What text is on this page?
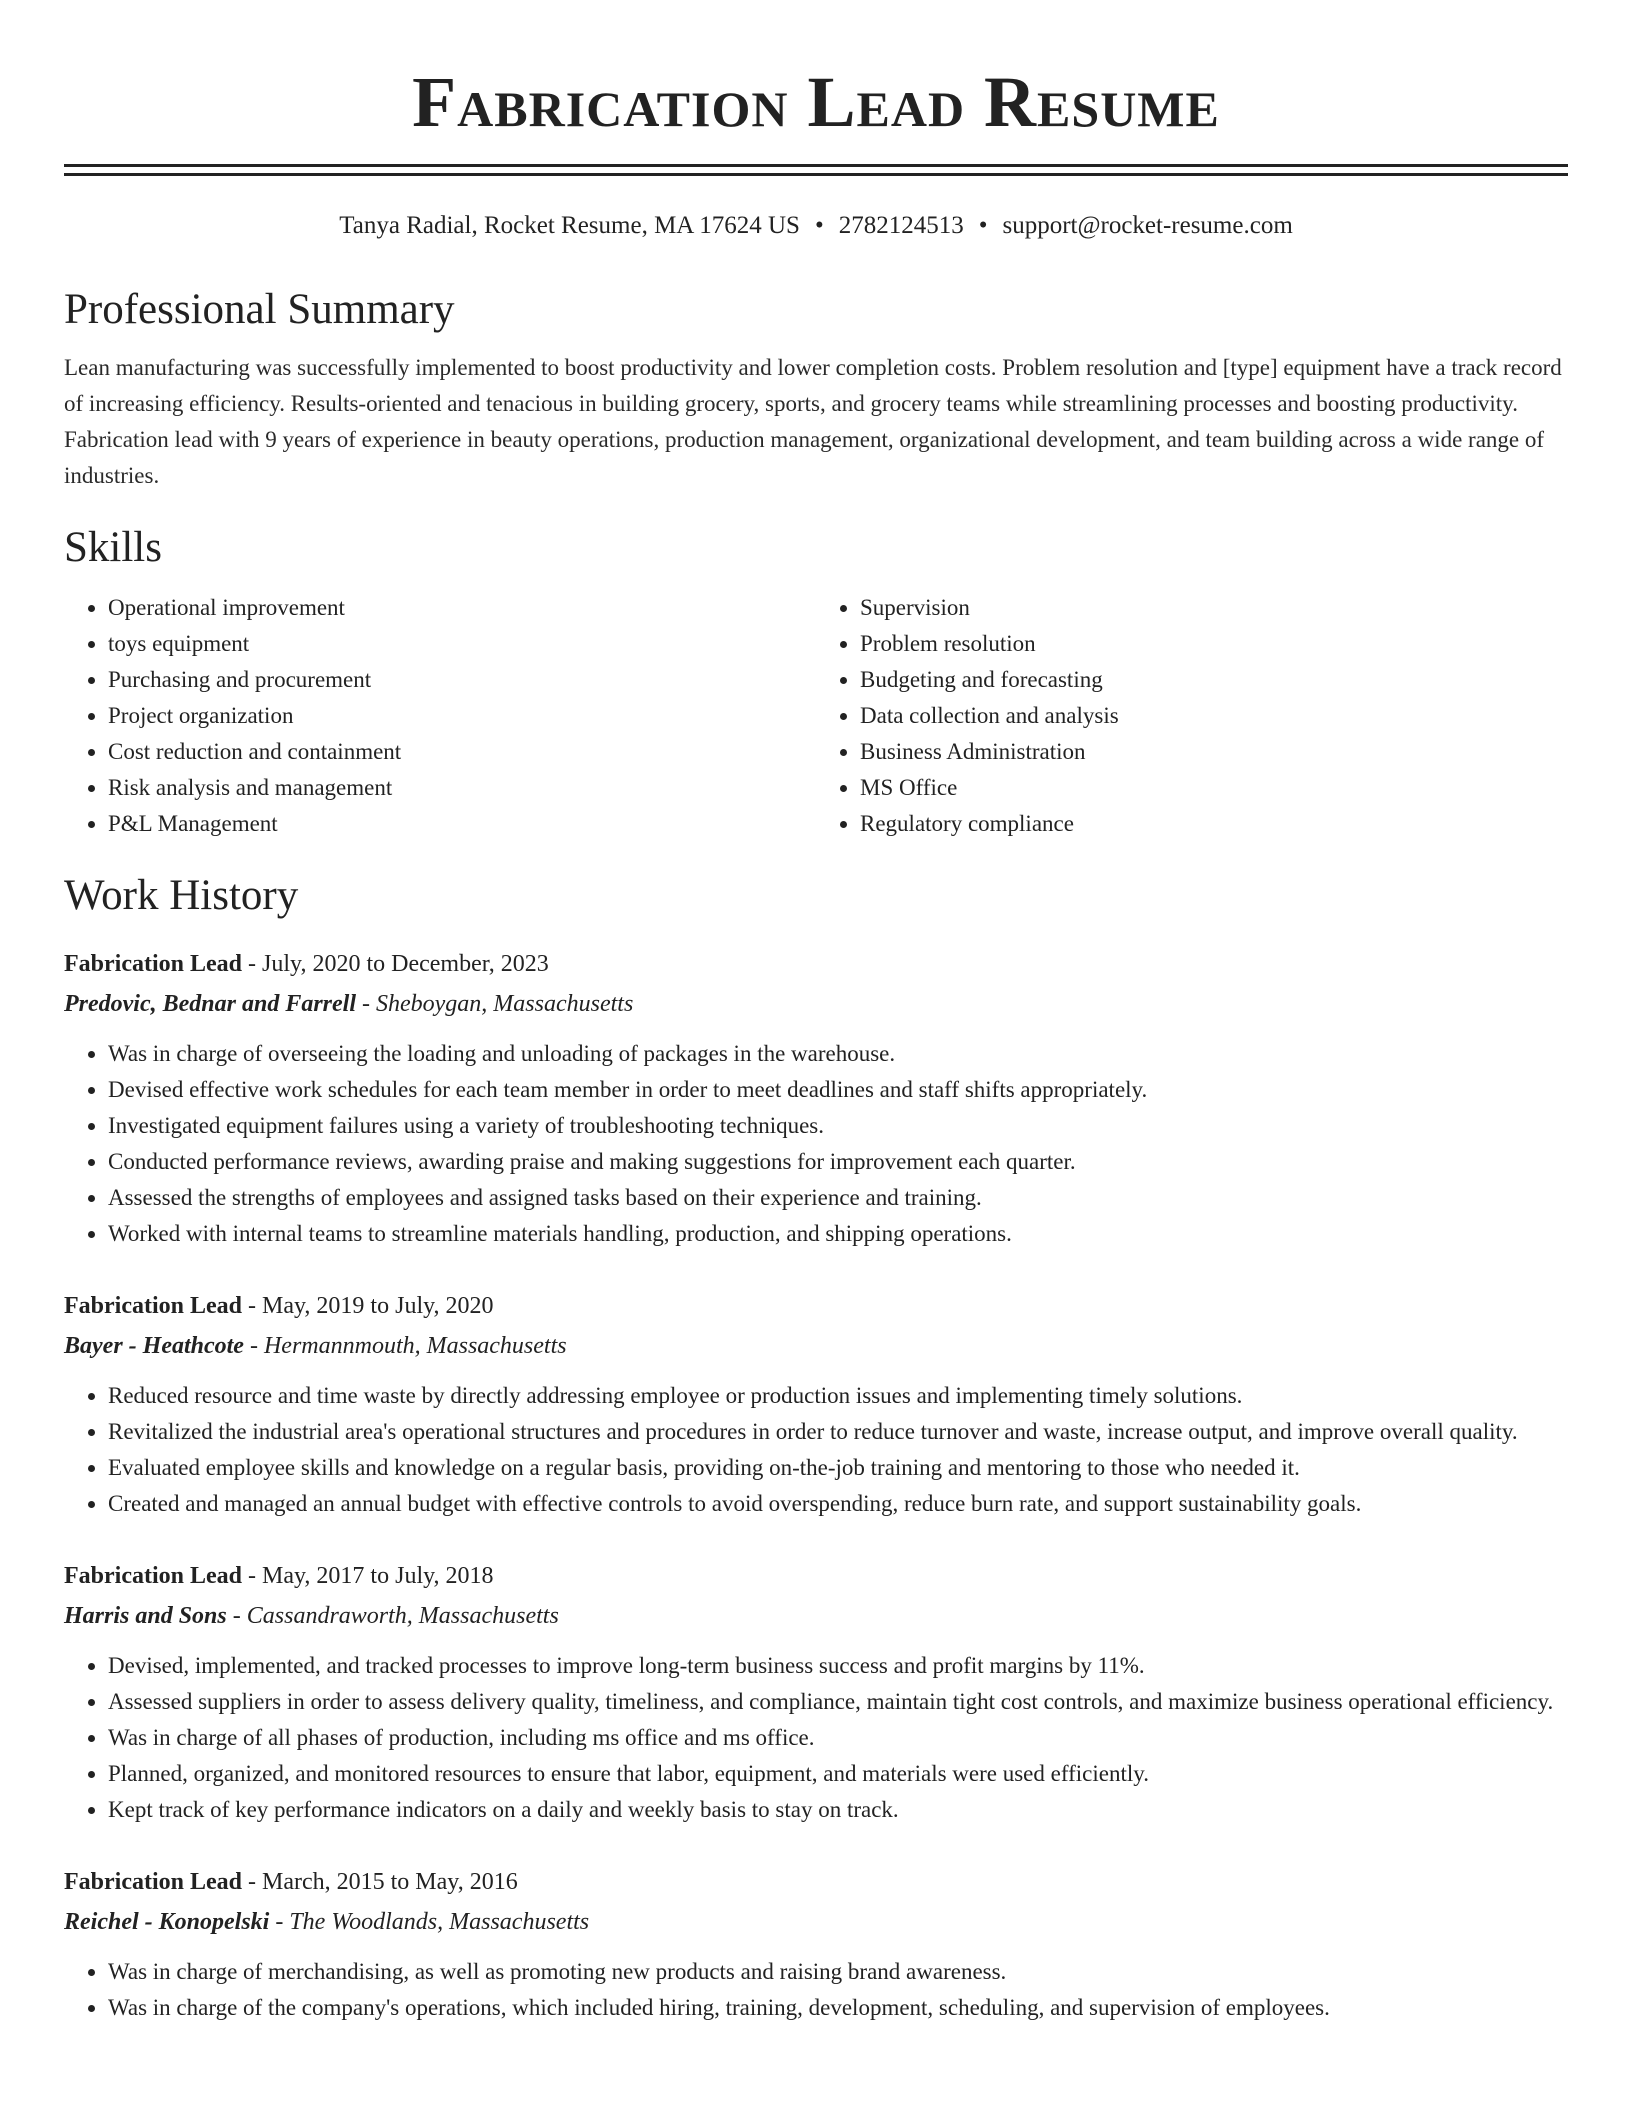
Fabrication Lead Resume
Tanya Radial, Rocket Resume, MA 17624 US • 2782124513 • support@rocket-resume.com
Professional Summary

Lean manufacturing was successfully implemented to boost productivity and lower completion costs. Problem resolution and [type] equipment have a track record of increasing efficiency. Results-oriented and tenacious in building grocery, sports, and grocery teams while streamlining processes and boosting productivity. Fabrication lead with 9 years of experience in beauty operations, production management, organizational development, and team building across a wide range of industries.

Skills
• Operational improvement
• toys equipment
• Purchasing and procurement
• Project organization
• Cost reduction and containment
• Risk analysis and management
• P&L Management
• Supervision
• Problem resolution
• Budgeting and forecasting
• Data collection and analysis
• Business Administration
• MS Office
• Regulatory compliance
Work History
Fabrication Lead - July, 2020 to December, 2023
Predovic, Bednar and Farrell - Sheboygan, Massachusetts
• Was in charge of overseeing the loading and unloading of packages in the warehouse.
• Devised effective work schedules for each team member in order to meet deadlines and staff shifts appropriately.
• Investigated equipment failures using a variety of troubleshooting techniques.
• Conducted performance reviews, awarding praise and making suggestions for improvement each quarter.
• Assessed the strengths of employees and assigned tasks based on their experience and training.
• Worked with internal teams to streamline materials handling, production, and shipping operations.
Fabrication Lead - May, 2019 to July, 2020
Bayer - Heathcote - Hermannmouth, Massachusetts
• Reduced resource and time waste by directly addressing employee or production issues and implementing timely solutions.
• Revitalized the industrial area's operational structures and procedures in order to reduce turnover and waste, increase output, and improve overall quality.
• Evaluated employee skills and knowledge on a regular basis, providing on-the-job training and mentoring to those who needed it.
• Created and managed an annual budget with effective controls to avoid overspending, reduce burn rate, and support sustainability goals.
Fabrication Lead - May, 2017 to July, 2018
Harris and Sons - Cassandraworth, Massachusetts
• Devised, implemented, and tracked processes to improve long-term business success and profit margins by 11%.
• Assessed suppliers in order to assess delivery quality, timeliness, and compliance, maintain tight cost controls, and maximize business operational efficiency.
• Was in charge of all phases of production, including ms office and ms office.
• Planned, organized, and monitored resources to ensure that labor, equipment, and materials were used efficiently.
• Kept track of key performance indicators on a daily and weekly basis to stay on track.
Fabrication Lead - March, 2015 to May, 2016
Reichel - Konopelski - The Woodlands, Massachusetts
• Was in charge of merchandising, as well as promoting new products and raising brand awareness.
• Was in charge of the company's operations, which included hiring, training, development, scheduling, and supervision of employees.
